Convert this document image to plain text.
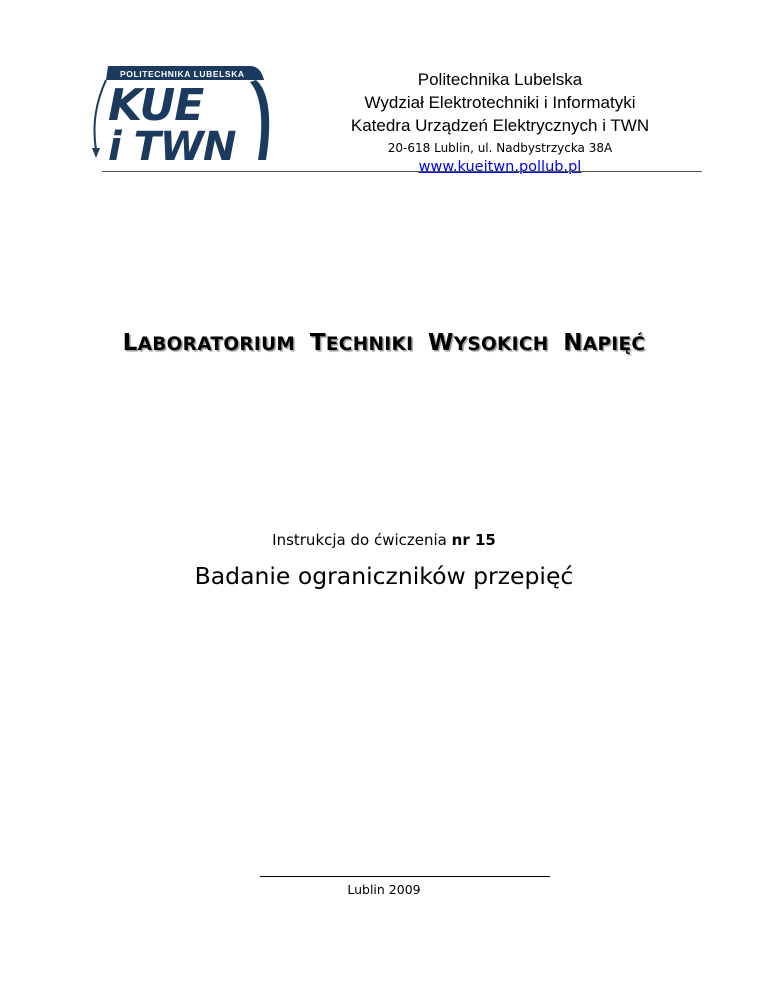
POLITECHNIKA LUBELSKA
KUE
i TWN
Politechnika Lubelska
Wydział Elektrotechniki i Informatyki
Katedra Urządzeń Elektrycznych i TWN
20-618 Lublin, ul. Nadbystrzycka 38A
www.kueitwn.pollub.pl
LABORATORIUM TECHNIKI WYSOKICH NAPIĘĆ
Instrukcja do ćwiczenia nr 15
Badanie ograniczników przepięć
Lublin 2009
